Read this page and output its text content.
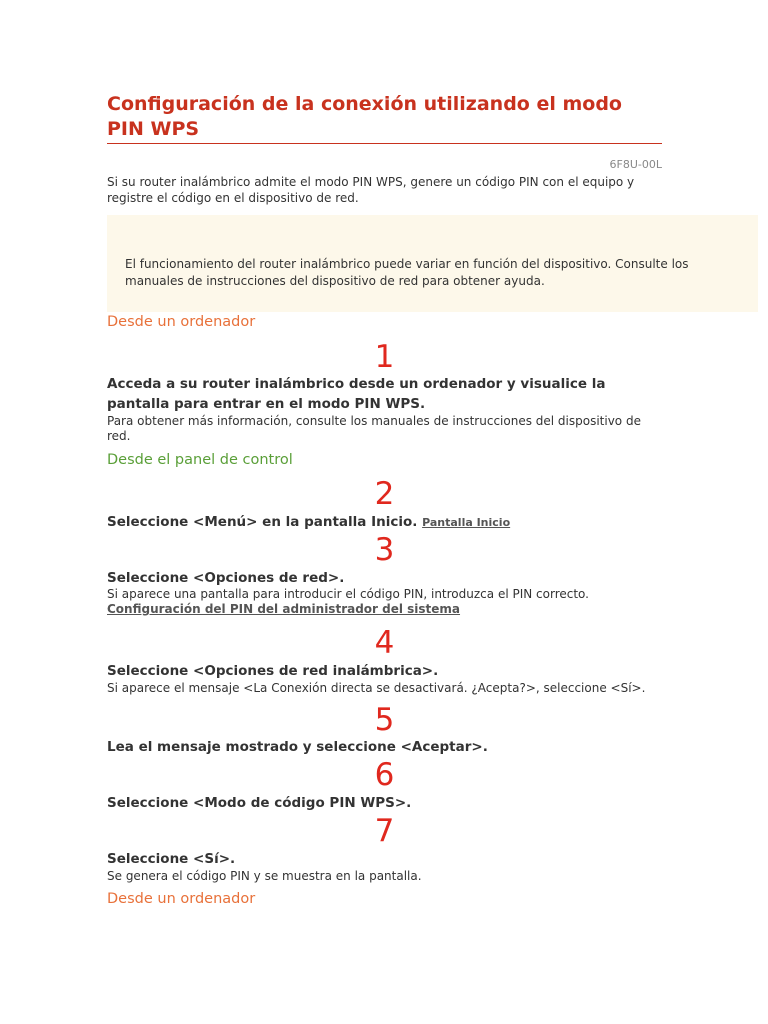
Configuración de la conexión utilizando el modo PIN WPS
6F8U-00L
Si su router inalámbrico admite el modo PIN WPS, genere un código PIN con el equipo y registre el código en el dispositivo de red.
El funcionamiento del router inalámbrico puede variar en función del dispositivo. Consulte los manuales de instrucciones del dispositivo de red para obtener ayuda.
Desde un ordenador
1
Acceda a su router inalámbrico desde un ordenador y visualice la pantalla para entrar en el modo PIN WPS.
Para obtener más información, consulte los manuales de instrucciones del dispositivo de red.
Desde el panel de control
2
Seleccione <Menú> en la pantalla Inicio. Pantalla Inicio
3
Seleccione <Opciones de red>.
Si aparece una pantalla para introducir el código PIN, introduzca el PIN correcto. Configuración del PIN del administrador del sistema
4
Seleccione <Opciones de red inalámbrica>.
Si aparece el mensaje <La Conexión directa se desactivará. ¿Acepta?>, seleccione <Sí>.
5
Lea el mensaje mostrado y seleccione <Aceptar>.
6
Seleccione <Modo de código PIN WPS>.
7
Seleccione <Sí>.
Se genera el código PIN y se muestra en la pantalla.
Desde un ordenador
